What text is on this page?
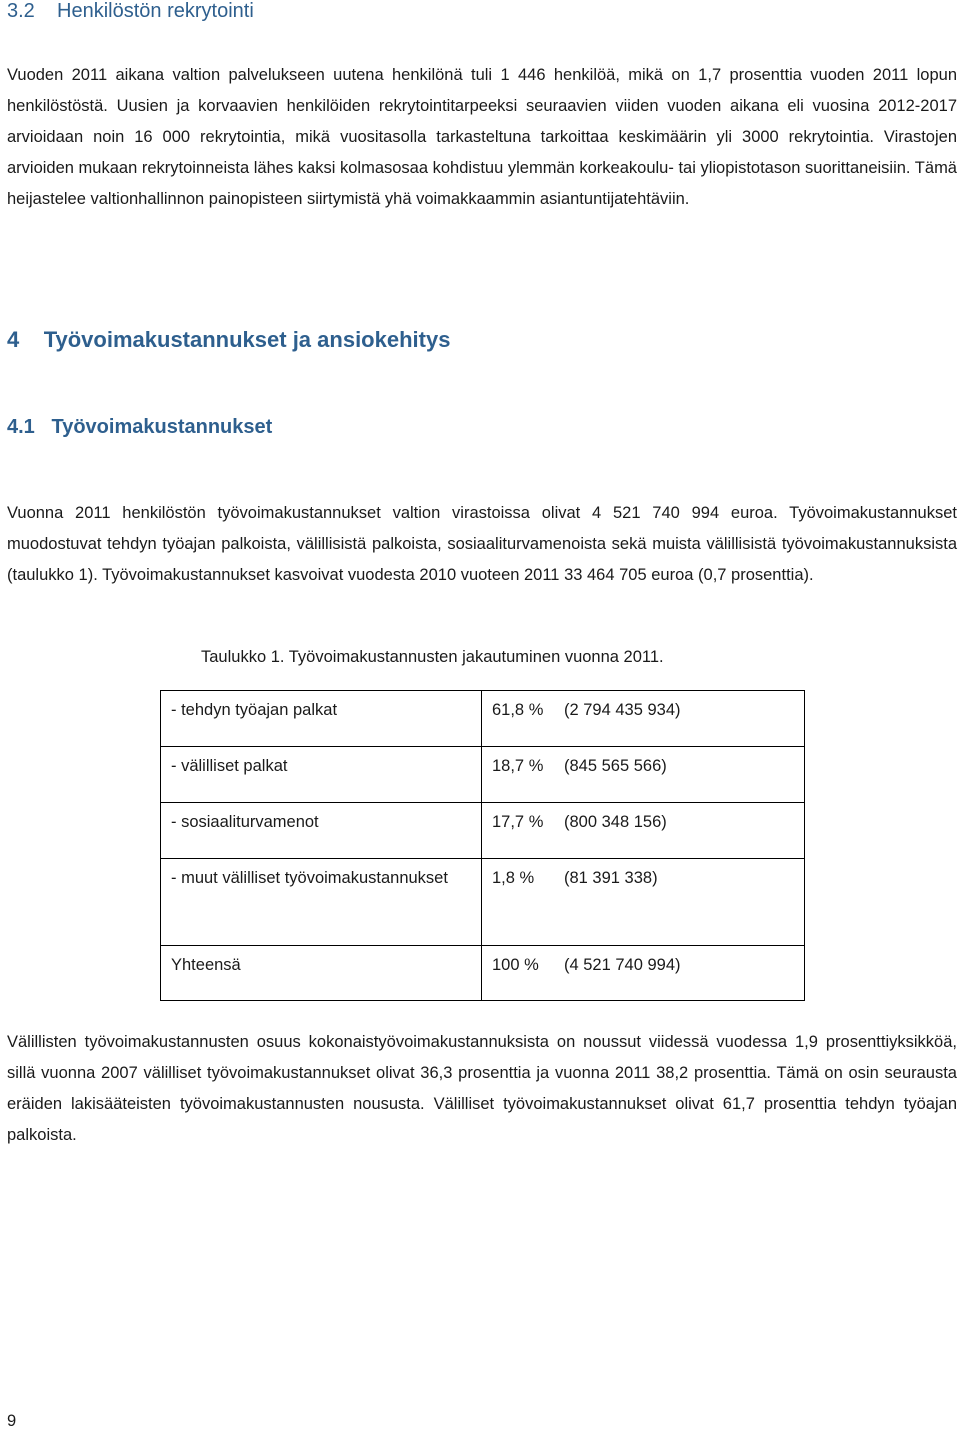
3.2 Henkilöstön rekrytointi

Vuoden 2011 aikana valtion palvelukseen uutena henkilönä tuli 1 446 henkilöä, mikä on 1,7 prosenttia vuoden 2011 lopun henkilöstöstä. Uusien ja korvaavien henkilöiden rekrytointitarpeeksi seuraavien viiden vuoden aikana eli vuosina 2012-2017 arvioidaan noin 16 000 rekrytointia, mikä vuositasolla tarkasteltuna tarkoittaa keskimäärin yli 3000 rekrytointia. Virastojen arvioiden mukaan rekrytoinneista lähes kaksi kolmasosaa kohdistuu ylemmän korkeakoulu- tai yliopistotason suorittaneisiin. Tämä heijastelee valtionhallinnon painopisteen siirtymistä yhä voimakkaammin asiantuntijatehtäviin.

4 Työvoimakustannukset ja ansiokehitys
4.1 Työvoimakustannukset

Vuonna 2011 henkilöstön työvoimakustannukset valtion virastoissa olivat 4 521 740 994 euroa. Työvoimakustannukset muodostuvat tehdyn työajan palkoista, välillisistä palkoista, sosiaaliturvamenoista sekä muista välillisistä työvoimakustannuksista (taulukko 1). Työvoimakustannukset kasvoivat vuodesta 2010 vuoteen 2011 33 464 705 euroa (0,7 prosenttia).

Taulukko 1. Työvoimakustannusten jakautuminen vuonna 2011.

- tehdyn työajan palkat	61,8 % (2 794 435 934)

- välilliset palkat	18,7 % (845 565 566)

- sosiaaliturvamenot	17,7 % (800 348 156)

- muut välilliset työvoimakustannukset	1,8 % (81 391 338)

Yhteensä	100 % (4 521 740 994)

Välillisten työvoimakustannusten osuus kokonaistyövoimakustannuksista on noussut viidessä vuodessa 1,9 prosenttiyksikköä, sillä vuonna 2007 välilliset työvoimakustannukset olivat 36,3 prosenttia ja vuonna 2011 38,2 prosenttia. Tämä on osin seurausta eräiden lakisääteisten työvoimakustannusten noususta. Välilliset työvoimakustannukset olivat 61,7 prosenttia tehdyn työajan palkoista.

9
